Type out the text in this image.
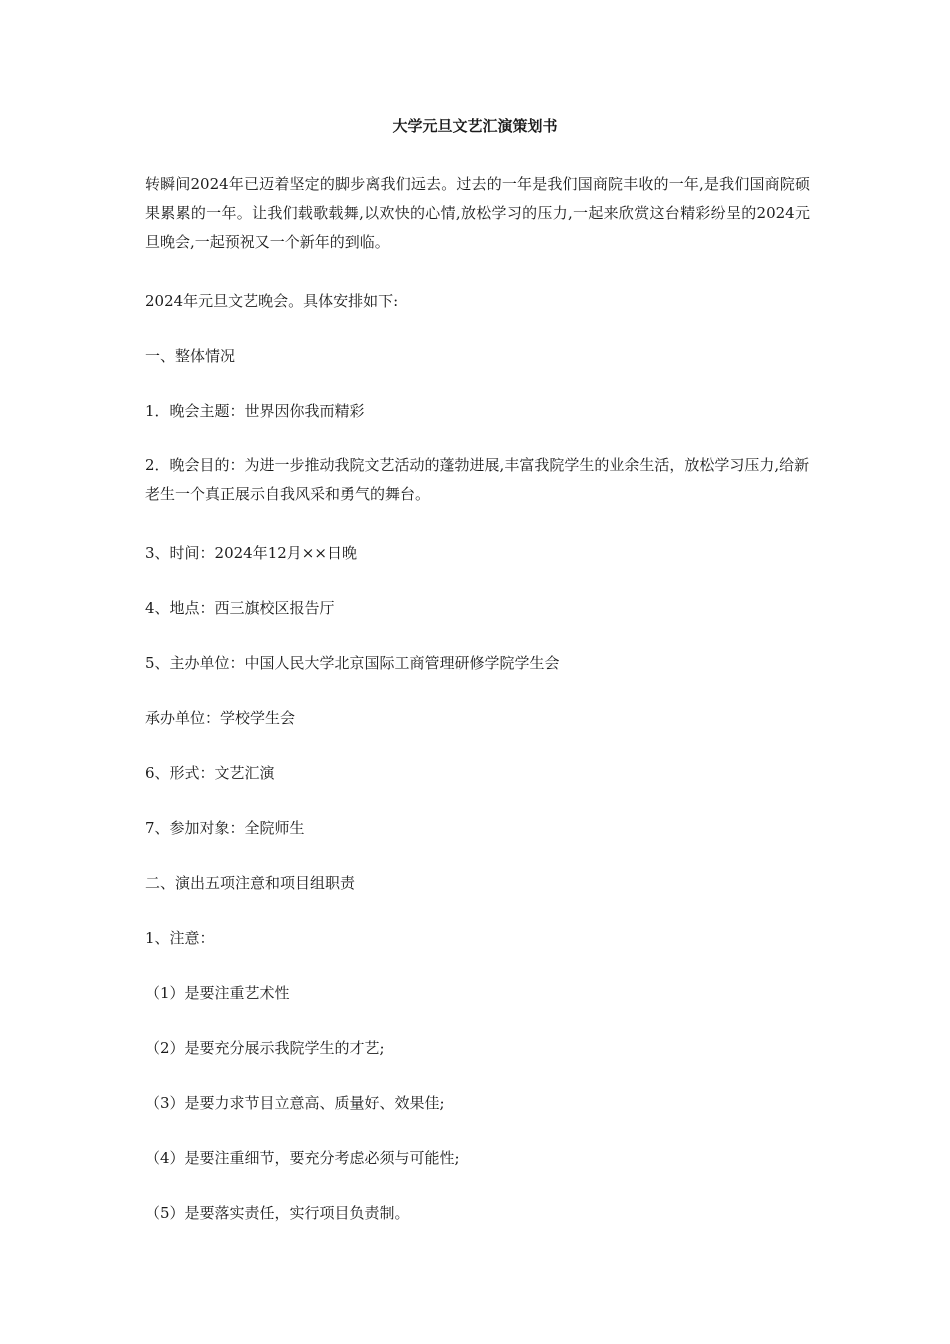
大学元旦文艺汇演策划书

转瞬间2024年已迈着坚定的脚步离我们远去。过去的一年是我们国商院丰收的一年,是我们国商院硕果累累的一年。让我们载歌载舞,以欢快的心情,放松学习的压力,一起来欣赏这台精彩纷呈的2024元旦晚会,一起预祝又一个新年的到临。

2024年元旦文艺晚会。具体安排如下:
一、整体情况
1．晚会主题：世界因你我而精彩

2．晚会目的：为进一步推动我院文艺活动的蓬勃进展,丰富我院学生的业余生活，放松学习压力,给新老生一个真正展示自我风采和勇气的舞台。

3、时间：2024年12月××日晚
4、地点：西三旗校区报告厅
5、主办单位：中国人民大学北京国际工商管理研修学院学生会
承办单位：学校学生会
6、形式：文艺汇演
7、参加对象：全院师生
二、演出五项注意和项目组职责
1、注意：
（1）是要注重艺术性
（2）是要充分展示我院学生的才艺;
（3）是要力求节目立意高、质量好、效果佳;
（4）是要注重细节，要充分考虑必须与可能性;
（5）是要落实责任，实行项目负责制。
